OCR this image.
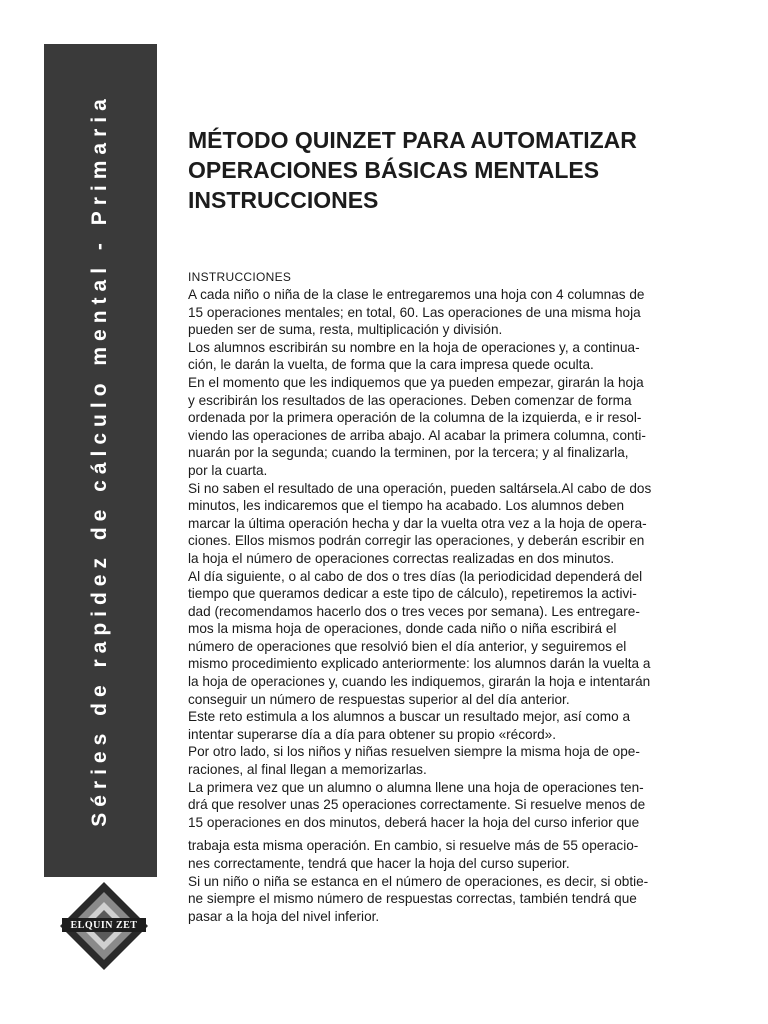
Séries de rapidez de cálculo mental - Primaria	MÉTODO QUINZET PARA AUTOMATIZAR
OPERACIONES BÁSICAS MENTALES
INSTRUCCIONES
INSTRUCCIONES
A cada niño o niña de la clase le entregaremos una hoja con 4 columnas de
15 operaciones mentales; en total, 60. Las operaciones de una misma hoja
pueden ser de suma, resta, multiplicación y división.
Los alumnos escribirán su nombre en la hoja de operaciones y, a continua-
ción, le darán la vuelta, de forma que la cara impresa quede oculta.
En el momento que les indiquemos que ya pueden empezar, girarán la hoja
y escribirán los resultados de las operaciones. Deben comenzar de forma
ordenada por la primera operación de la columna de la izquierda, e ir resol-
viendo las operaciones de arriba abajo. Al acabar la primera columna, conti-
nuarán por la segunda; cuando la terminen, por la tercera; y al finalizarla,
por la cuarta.
Si no saben el resultado de una operación, pueden saltársela.Al cabo de dos
minutos, les indicaremos que el tiempo ha acabado. Los alumnos deben
marcar la última operación hecha y dar la vuelta otra vez a la hoja de opera-
ciones. Ellos mismos podrán corregir las operaciones, y deberán escribir en
la hoja el número de operaciones correctas realizadas en dos minutos.
Al día siguiente, o al cabo de dos o tres días (la periodicidad dependerá del
tiempo que queramos dedicar a este tipo de cálculo), repetiremos la activi-
dad (recomendamos hacerlo dos o tres veces por semana). Les entregare-
mos la misma hoja de operaciones, donde cada niño o niña escribirá el
número de operaciones que resolvió bien el día anterior, y seguiremos el
mismo procedimiento explicado anteriormente: los alumnos darán la vuelta a
la hoja de operaciones y, cuando les indiquemos, girarán la hoja e intentarán
conseguir un número de respuestas superior al del día anterior.
Este reto estimula a los alumnos a buscar un resultado mejor, así como a
intentar superarse día a día para obtener su propio «récord».
Por otro lado, si los niños y niñas resuelven siempre la misma hoja de ope-
raciones, al final llegan a memorizarlas.
La primera vez que un alumno o alumna llene una hoja de operaciones ten-
drá que resolver unas 25 operaciones correctamente. Si resuelve menos de
15 operaciones en dos minutos, deberá hacer la hoja del curso inferior que
trabaja esta misma operación. En cambio, si resuelve más de 55 operacio-
nes correctamente, tendrá que hacer la hoja del curso superior.
Si un niño o niña se estanca en el número de operaciones, es decir, si obtie-
ne siempre el mismo número de respuestas correctas, también tendrá que
pasar a la hoja del nivel inferior.
ELQUIN ZET
